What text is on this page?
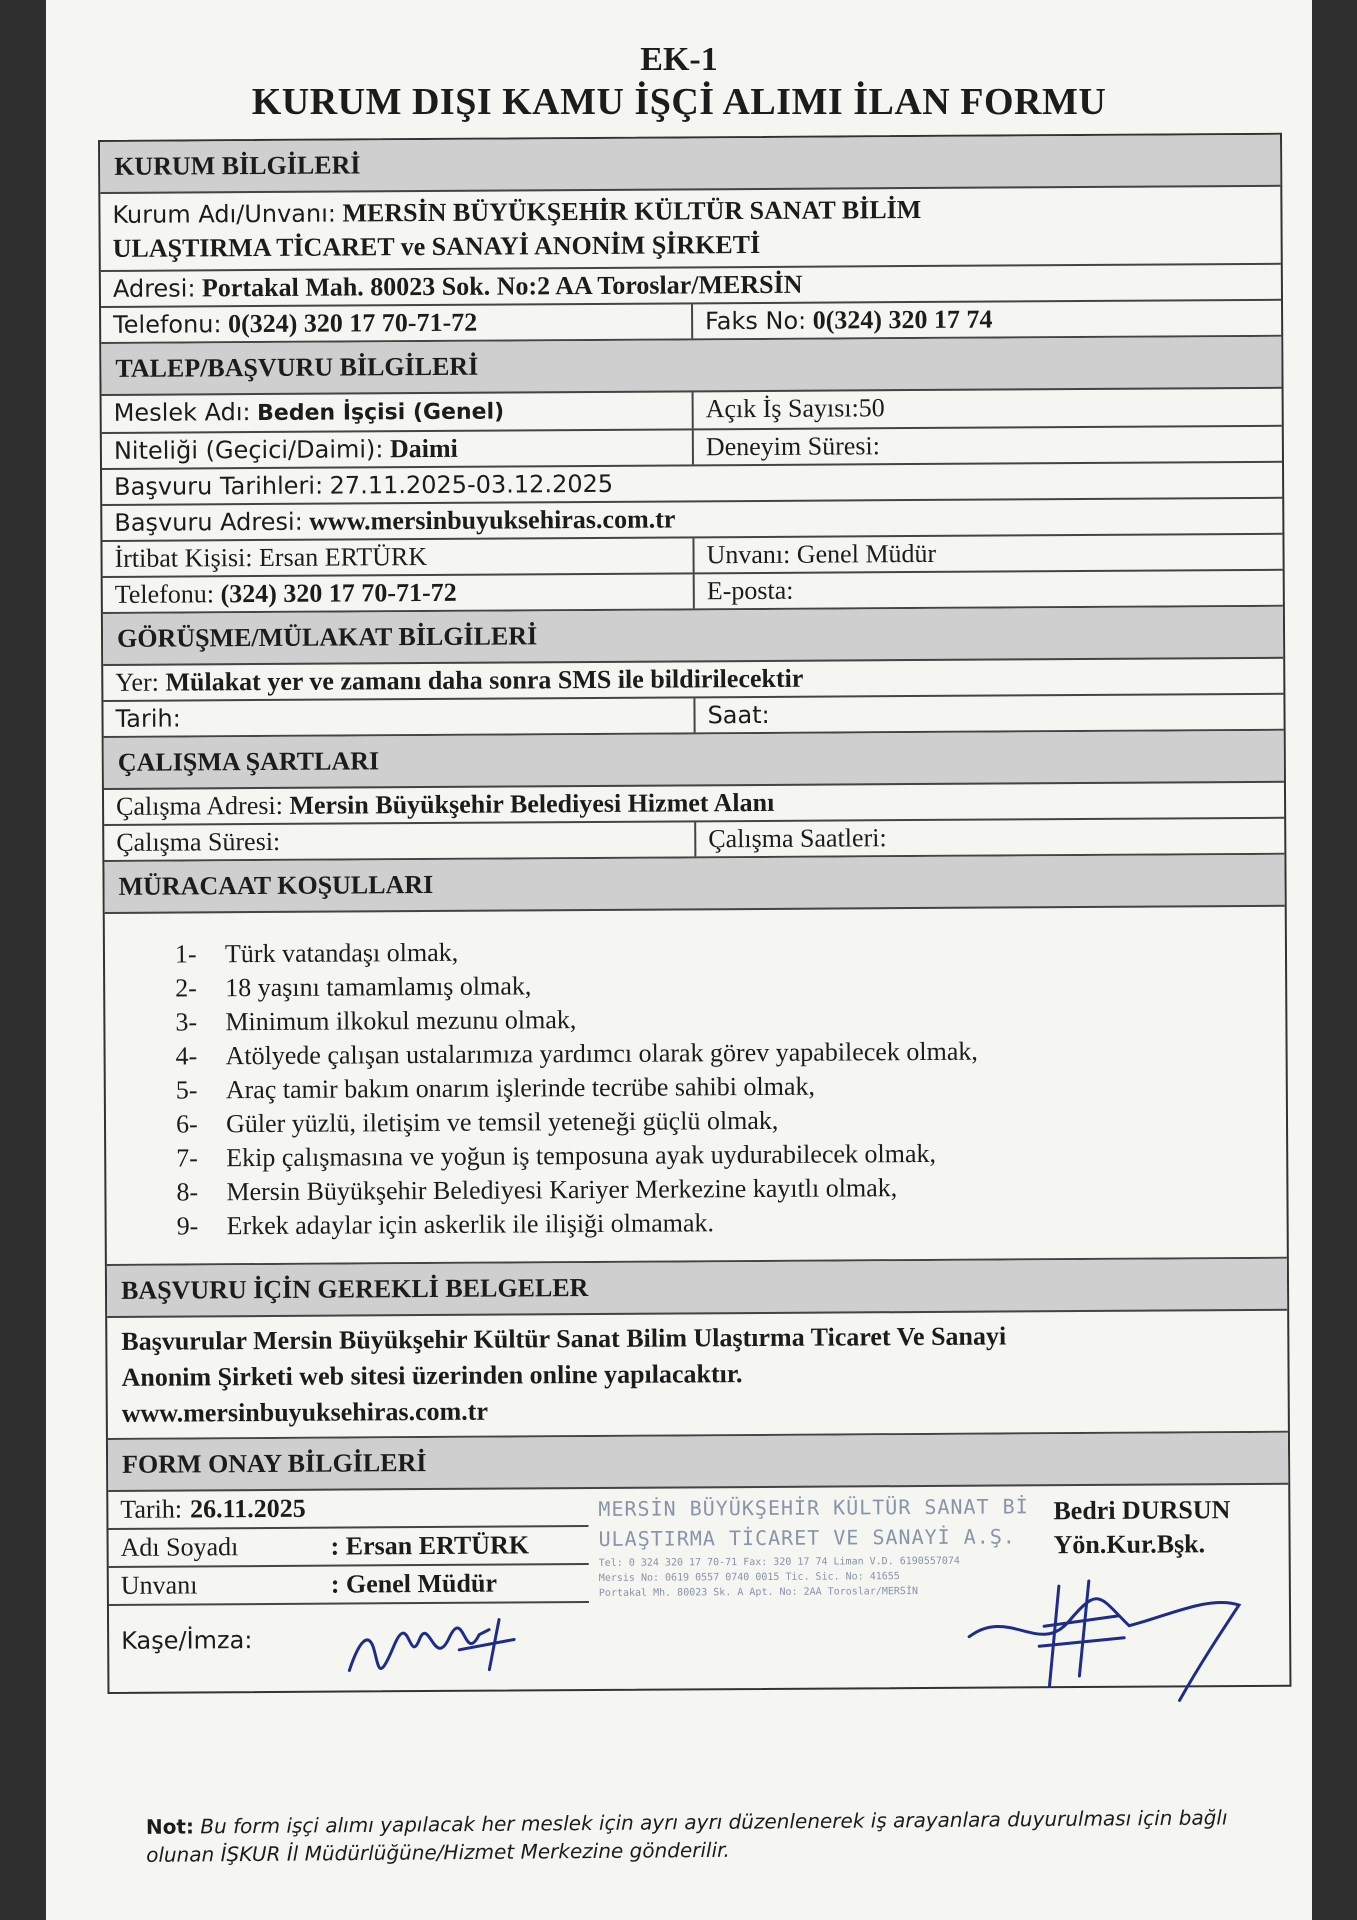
EK-1
KURUM DIŞI KAMU İŞÇİ ALIMI İLAN FORMU
KURUM BİLGİLERİ
Kurum Adı/Unvanı: MERSİN BÜYÜKŞEHİR KÜLTÜR SANAT BİLİM
ULAŞTIRMA TİCARET ve SANAYİ ANONİM ŞİRKETİ
Adresi: Portakal Mah. 80023 Sok. No:2 AA Toroslar/MERSİN
Telefonu: 0(324) 320 17 70-71-72	Faks No: 0(324) 320 17 74
TALEP/BAŞVURU BİLGİLERİ
Meslek Adı: Beden İşçisi (Genel)	Açık İş Sayısı:50
Niteliği (Geçici/Daimi): Daimi	Deneyim Süresi:
Başvuru Tarihleri: 27.11.2025-03.12.2025
Başvuru Adresi: www.mersinbuyuksehiras.com.tr
İrtibat Kişisi: Ersan ERTÜRK	Unvanı: Genel Müdür
Telefonu: (324) 320 17 70-71-72	E-posta:
GÖRÜŞME/MÜLAKAT BİLGİLERİ
Yer: Mülakat yer ve zamanı daha sonra SMS ile bildirilecektir
Tarih:	Saat:
ÇALIŞMA ŞARTLARI
Çalışma Adresi: Mersin Büyükşehir Belediyesi Hizmet Alanı
Çalışma Süresi:	Çalışma Saatleri:
MÜRACAAT KOŞULLARI
1-	Türk vatandaşı olmak,
2-	18 yaşını tamamlamış olmak,
3-	Minimum ilkokul mezunu olmak,
4-	Atölyede çalışan ustalarımıza yardımcı olarak görev yapabilecek olmak,
5-	Araç tamir bakım onarım işlerinde tecrübe sahibi olmak,
6-	Güler yüzlü, iletişim ve temsil yeteneği güçlü olmak,
7-	Ekip çalışmasına ve yoğun iş temposuna ayak uydurabilecek olmak,
8-	Mersin Büyükşehir Belediyesi Kariyer Merkezine kayıtlı olmak,
9-	Erkek adaylar için askerlik ile ilişiği olmamak.
BAŞVURU İÇİN GEREKLİ BELGELER
Başvurular Mersin Büyükşehir Kültür Sanat Bilim Ulaştırma Ticaret Ve Sanayi
Anonim Şirketi web sitesi üzerinden online yapılacaktır.
www.mersinbuyuksehiras.com.tr
FORM ONAY BİLGİLERİ
Tarih: 26.11.2025
Adı Soyadı	: Ersan ERTÜRK
Unvanı	: Genel Müdür
Kaşe/İmza:
MERSİN BÜYÜKŞEHİR KÜLTÜR SANAT Bİ
ULAŞTIRMA TİCARET VE SANAYİ A.Ş.
Tel: 0 324 320 17 70-71 Fax: 320 17 74 Liman V.D. 6190557074
Mersis No: 0619 0557 0740 0015 Tic. Sic. No: 41655
Portakal Mh. 80023 Sk. A Apt. No: 2AA Toroslar/MERSİN
Bedri DURSUN
Yön.Kur.Bşk.
Not: Bu form işçi alımı yapılacak her meslek için ayrı ayrı düzenlenerek iş arayanlara duyurulması için bağlı olunan İŞKUR İl Müdürlüğüne/Hizmet Merkezine gönderilir.
